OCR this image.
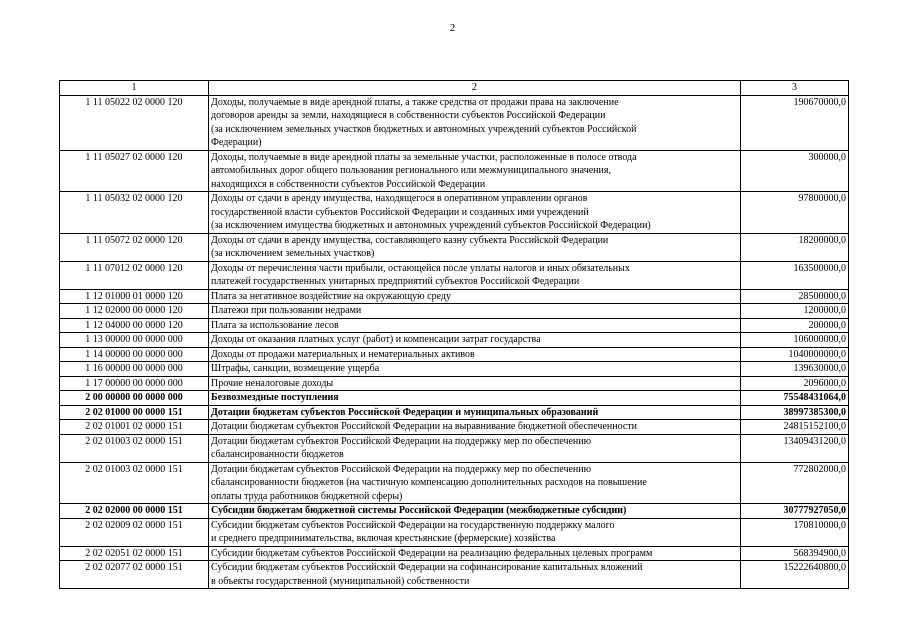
2
1	2	3
1 11 05022 02 0000 120	Доходы, получаемые в виде арендной платы, а также средства от продажи права на заключение
договоров аренды за земли, находящиеся в собственности субъектов Российской Федерации
(за исключением земельных участков бюджетных и автономных учреждений субъектов Российской
Федерации)	190670000,0
1 11 05027 02 0000 120	Доходы, получаемые в виде арендной платы за земельные участки, расположенные в полосе отвода
автомобильных дорог общего пользования регионального или межмуниципального значения,
находящихся в собственности субъектов Российской Федерации	300000,0
1 11 05032 02 0000 120	Доходы от сдачи в аренду имущества, находящегося в оперативном управлении органов
государственной власти субъектов Российской Федерации и созданных ими учреждений
(за исключением имущества бюджетных и автономных учреждений субъектов Российской Федерации)	97800000,0
1 11 05072 02 0000 120	Доходы от сдачи в аренду имущества, составляющего казну субъекта Российской Федерации
(за исключением земельных участков)	18200000,0
1 11 07012 02 0000 120	Доходы от перечисления части прибыли, остающейся после уплаты налогов и иных обязательных
платежей государственных унитарных предприятий субъектов Российской Федерации	163500000,0
1 12 01000 01 0000 120	Плата за негативное воздействие на окружающую среду	28500000,0
1 12 02000 00 0000 120	Платежи при пользовании недрами	1200000,0
1 12 04000 00 0000 120	Плата за использование лесов	200000,0
1 13 00000 00 0000 000	Доходы от оказания платных услуг (работ) и компенсации затрат государства	106000000,0
1 14 00000 00 0000 000	Доходы от продажи материальных и нематериальных активов	1040000000,0
1 16 00000 00 0000 000	Штрафы, санкции, возмещение ущерба	139630000,0
1 17 00000 00 0000 000	Прочие неналоговые доходы	2096000,0
2 00 00000 00 0000 000	Безвозмездные поступления	75548431064,0
2 02 01000 00 0000 151	Дотации бюджетам субъектов Российской Федерации и муниципальных образований	38997385300,0
2 02 01001 02 0000 151	Дотации бюджетам субъектов Российской Федерации на выравнивание бюджетной обеспеченности	24815152100,0
2 02 01003 02 0000 151	Дотации бюджетам субъектов Российской Федерации на поддержку мер по обеспечению
сбалансированности бюджетов	13409431200,0
2 02 01003 02 0000 151	Дотации бюджетам субъектов Российской Федерации на поддержку мер по обеспечению
сбалансированности бюджетов (на частичную компенсацию дополнительных расходов на повышение
оплаты труда работников бюджетной сферы)	772802000,0
2 02 02000 00 0000 151	Субсидии бюджетам бюджетной системы Российской Федерации (межбюджетные субсидии)	30777927050,0
2 02 02009 02 0000 151	Субсидии бюджетам субъектов Российской Федерации на государственную поддержку малого
и среднего предпринимательства, включая крестьянские (фермерские) хозяйства	170810000,0
2 02 02051 02 0000 151	Субсидии бюджетам субъектов Российской Федерации на реализацию федеральных целевых программ	568394900,0
2 02 02077 02 0000 151	Субсидии бюджетам субъектов Российской Федерации на софинансирование капитальных вложений
в объекты государственной (муниципальной) собственности	15222640800,0
